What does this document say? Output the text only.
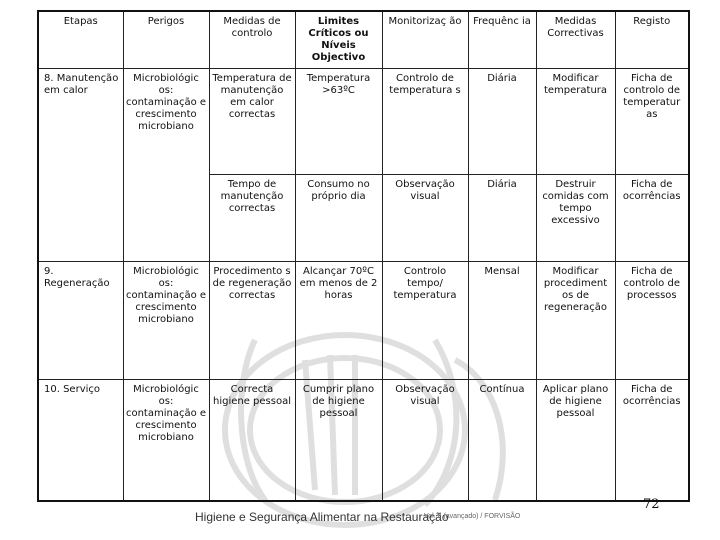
Etapas	Perigos	Medidas de controlo	Limites Críticos ou Níveis Objectivo	Monitorizaç ão	Frequênc ia	Medidas Correctivas	Registo
8. Manutenção em calor	Microbiológic os: contaminação e crescimento microbiano	Temperatura de manutenção em calor correctas	Temperatura >63ºC	Controlo de temperatura s	Diária	Modificar temperatura	Ficha de controlo de temperatur as
		Tempo de manutenção correctas	Consumo no próprio dia	Observação visual	Diária	Destruir comidas com tempo excessivo	Ficha de ocorrências
9. Regeneração	Microbiológic os: contaminação e crescimento microbiano	Procedimento s de regeneração correctas	Alcançar 70ºC em menos de 2 horas	Controlo tempo/ temperatura	Mensal	Modificar procediment os de regeneração	Ficha de controlo de processos
10. Serviço	Microbiológic os: contaminação e crescimento microbiano	Correcta higiene pessoal	Cumprir plano de higiene pessoal	Observação visual	Contínua	Aplicar plano de higiene pessoal	Ficha de ocorrências
72
Higiene e Segurança Alimentar na Restauração
Vol. II (avançado) / FORVISÃO
